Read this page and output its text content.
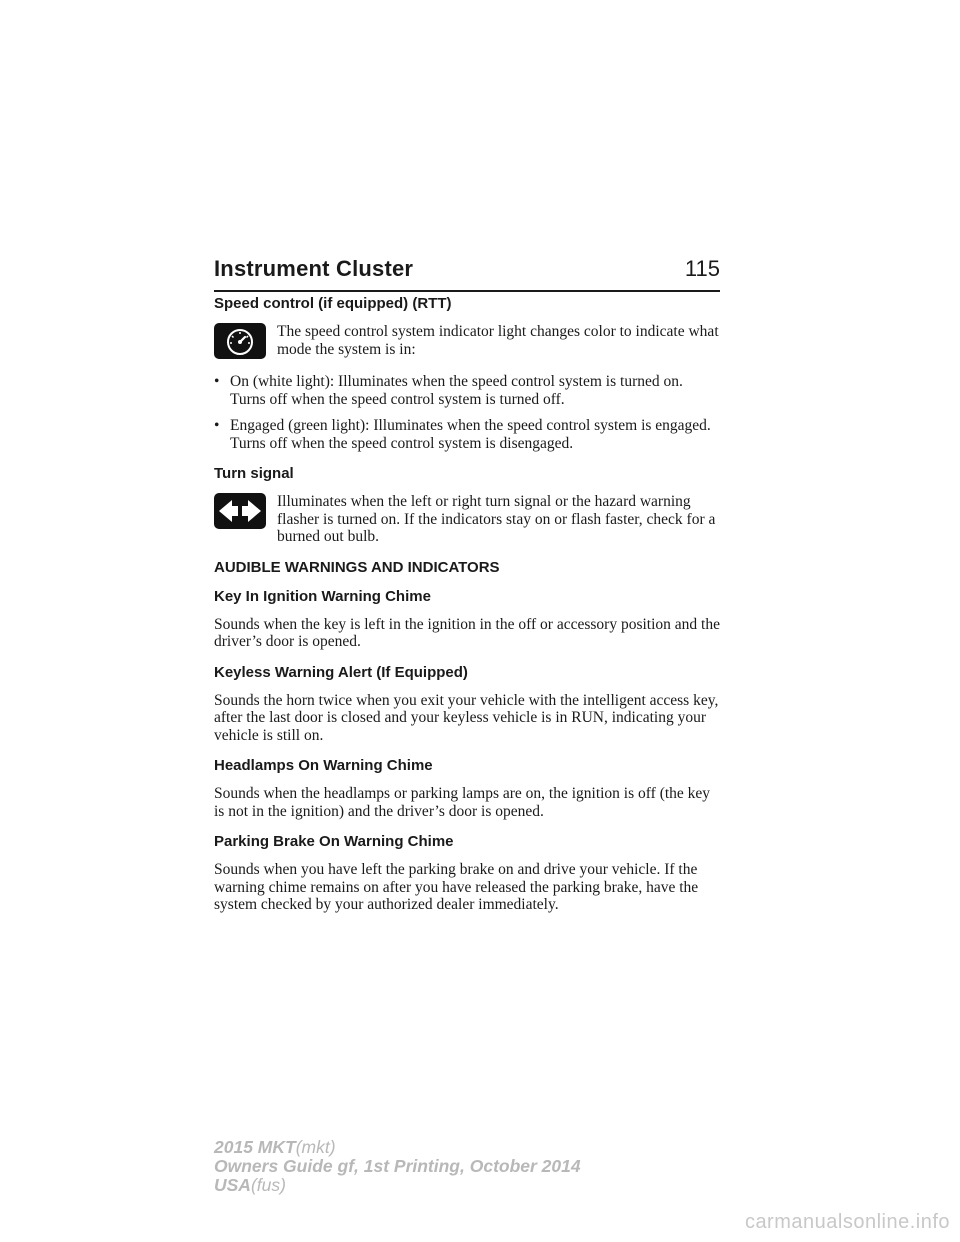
Instrument Cluster	115
Speed control (if equipped) (RTT)

The speed control system indicator light changes color to indicate what mode the system is in:

• On (white light): Illuminates when the speed control system is turned on. Turns off when the speed control system is turned off.
• Engaged (green light): Illuminates when the speed control system is engaged. Turns off when the speed control system is disengaged.
Turn signal

Illuminates when the left or right turn signal or the hazard warning flasher is turned on. If the indicators stay on or flash faster, check for a burned out bulb.

AUDIBLE WARNINGS AND INDICATORS
Key In Ignition Warning Chime

Sounds when the key is left in the ignition in the off or accessory position and the driver’s door is opened.

Keyless Warning Alert (If Equipped)

Sounds the horn twice when you exit your vehicle with the intelligent access key, after the last door is closed and your keyless vehicle is in RUN, indicating your vehicle is still on.

Headlamps On Warning Chime

Sounds when the headlamps or parking lamps are on, the ignition is off (the key is not in the ignition) and the driver’s door is opened.

Parking Brake On Warning Chime

Sounds when you have left the parking brake on and drive your vehicle. If the warning chime remains on after you have released the parking brake, have the system checked by your authorized dealer immediately.

2015 MKT(mkt)
Owners Guide gf, 1st Printing, October 2014
USA(fus)
carmanualsonline.info
